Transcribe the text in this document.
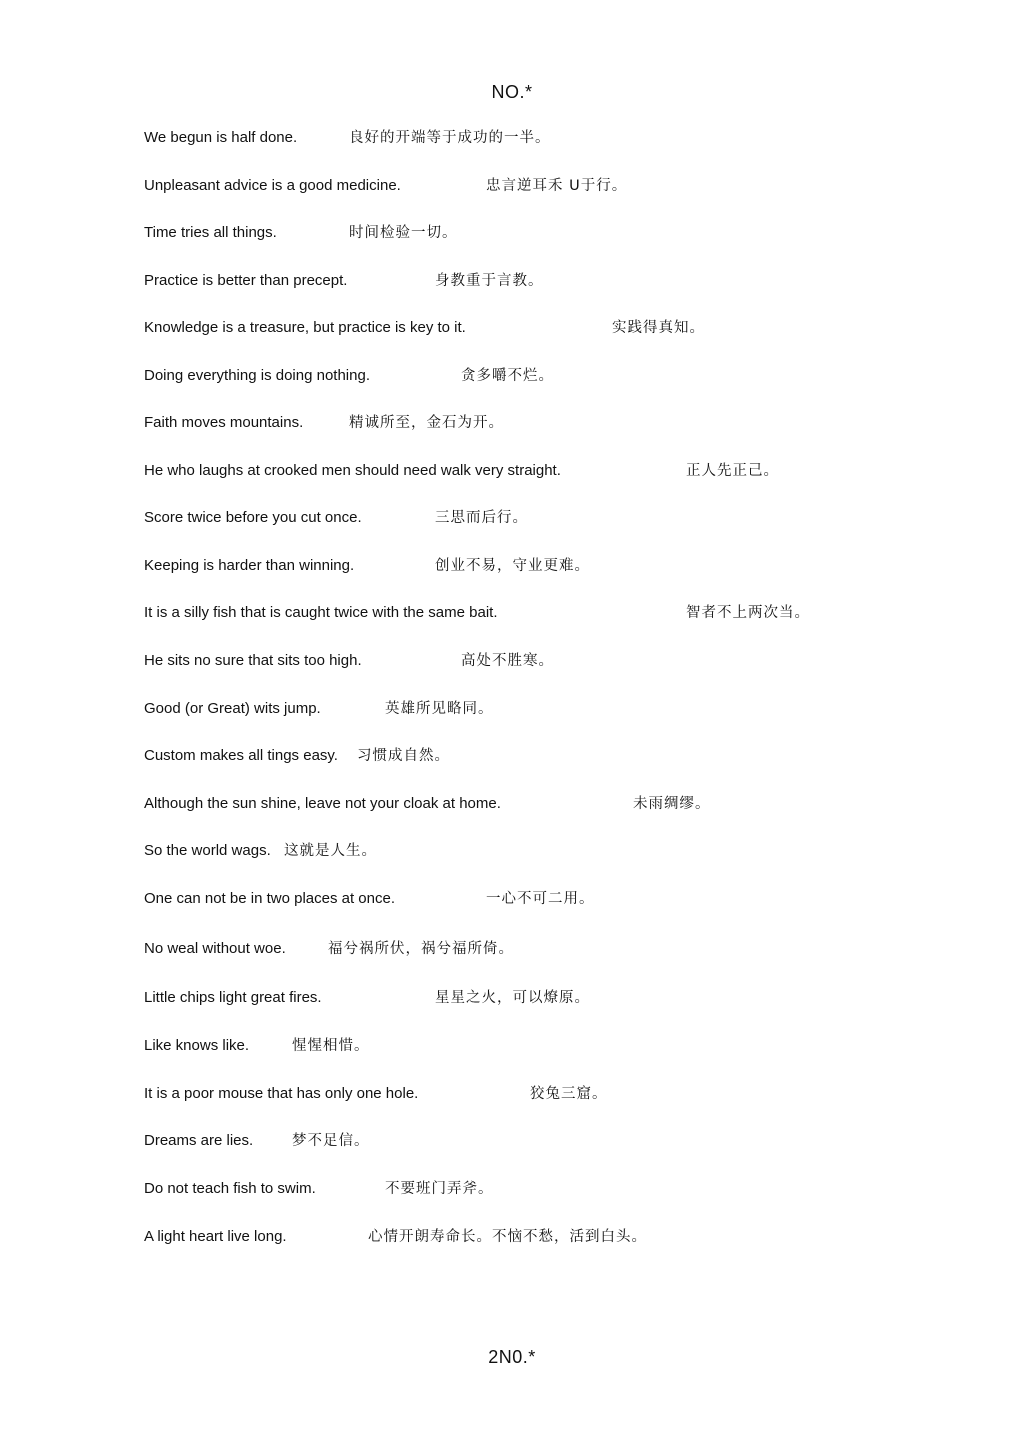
NO.*
We begun is half done.	良好的开端等于成功的一半。
Unpleasant advice is a good medicine.	忠言逆耳禾 U于行。
Time tries all things.	时间检验一切。
Practice is better than precept.	身教重于言教。
Knowledge is a treasure, but practice is key to it.	实践得真知。
Doing everything is doing nothing.	贪多嚼不烂。
Faith moves mountains.	精诚所至，金石为开。
He who laughs at crooked men should need walk very straight.	正人先正己。
Score twice before you cut once.	三思而后行。
Keeping is harder than winning.	创业不易，守业更难。
It is a silly fish that is caught twice with the same bait.	智者不上两次当。
He sits no sure that sits too high.	高处不胜寒。
Good (or Great) wits jump.	英雄所见略同。
Custom makes all tings easy. 习惯成自然。
Although the sun shine, leave not your cloak at home.	未雨绸缪。
So the world wags. 这就是人生。
One can not be in two places at once.	一心不可二用。
No weal without woe.	福兮祸所伏，祸兮福所倚。
Little chips light great fires.	星星之火，可以燎原。
Like knows like.	惺惺相惜。
It is a poor mouse that has only one hole.	狡兔三窟。
Dreams are lies.	梦不足信。
Do not teach fish to swim.	不要班门弄斧。
A light heart live long.	心情开朗寿命长。不恼不愁，活到白头。
2N0.*
